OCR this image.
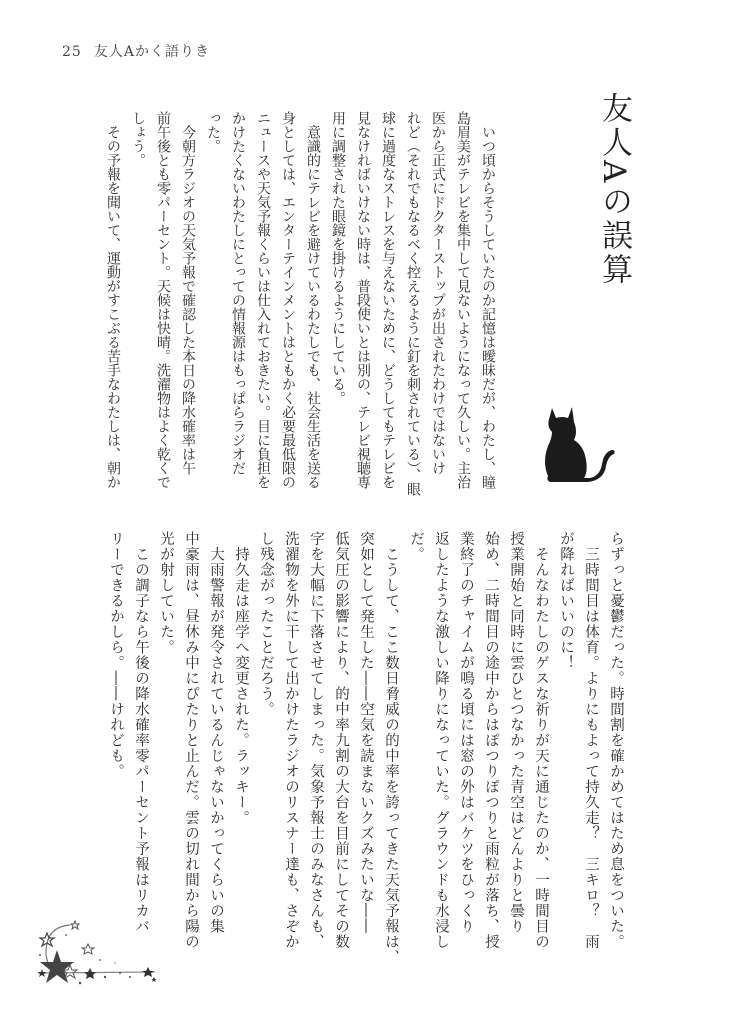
25 友人Aかく語りき
友人Aの誤算
　いつ頃からそうしていたのか記憶は曖昧だが、わたし、瞳
島眉美がテレビを集中して見ないようになって久しい。主治
医から正式にドクターストップが出されたわけではないけ
れど（それでもなるべく控えるように釘を刺されている）、眼
球に過度なストレスを与えないために、どうしてもテレビを
見なければいけない時は、普段使いとは別の、テレビ視聴専
用に調整された眼鏡を掛けるようにしている。
　意識的にテレビを避けているわたしでも、社会生活を送る
身としては、エンターテインメントはともかく必要最低限の
ニュースや天気予報くらいは仕入れておきたい。目に負担を
かけたくないわたしにとっての情報源はもっぱらラジオだ
った。
　今朝方ラジオの天気予報で確認した本日の降水確率は午
前午後とも零パーセント。天候は快晴。洗濯物はよく乾くで
しょう。
　その予報を聞いて、運動がすこぶる苦手なわたしは、朝か
らずっと憂鬱だった。時間割を確かめてはため息をついた。
　三時間目は体育。よりにもよって持久走？　三キロ？　雨
が降ればいいのに！
　そんなわたしのゲスな祈りが天に通じたのか、一時間目の
授業開始と同時に雲ひとつなかった青空はどんよりと曇り
始め、二時間目の途中からはぽつりぽつりと雨粒が落ち、授
業終了のチャイムが鳴る頃には窓の外はバケツをひっくり
返したような激しい降りになっていた。グラウンドも水浸し
だ。
　こうして、ここ数日脅威の的中率を誇ってきた天気予報は、
突如として発生した――空気を読まないクズみたいな――
低気圧の影響により、的中率九割の大台を目前にしてその数
字を大幅に下落させてしまった。気象予報士のみなさんも、
洗濯物を外に干して出かけたラジオのリスナー達も、さぞか
し残念がったことだろう。
　持久走は座学へ変更された。ラッキー。
　大雨警報が発令されているんじゃないかってくらいの集
中豪雨は、昼休み中にぴたりと止んだ。雲の切れ間から陽の
光が射していた。
　この調子なら午後の降水確率零パーセント予報はリカバ
リーできるかしら。――けれども。
